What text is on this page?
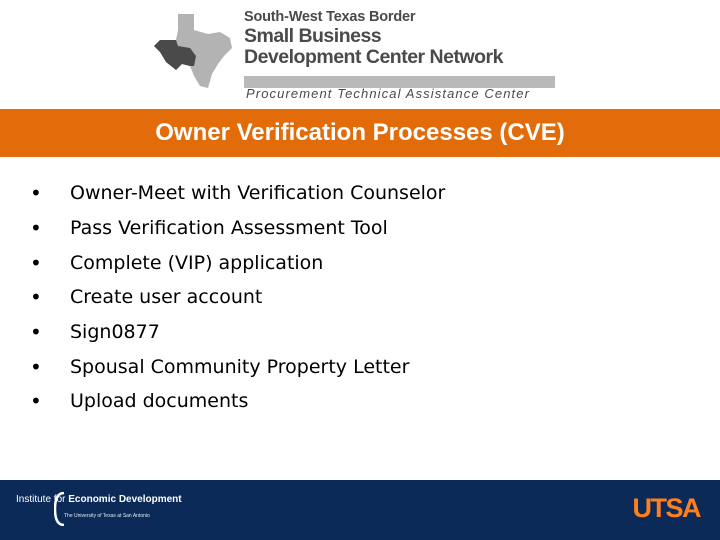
South-West Texas Border
Small Business
Development Center Network
Procurement Technical Assistance Center
Owner Verification Processes (CVE)
•	Owner-Meet with Verification Counselor
•	Pass Verification Assessment Tool
•	Complete (VIP) application
•	Create user account
•	Sign0877
•	Spousal Community Property Letter
•	Upload documents
Institute for Economic Development
The University of Texas at San Antonio	UTSA
